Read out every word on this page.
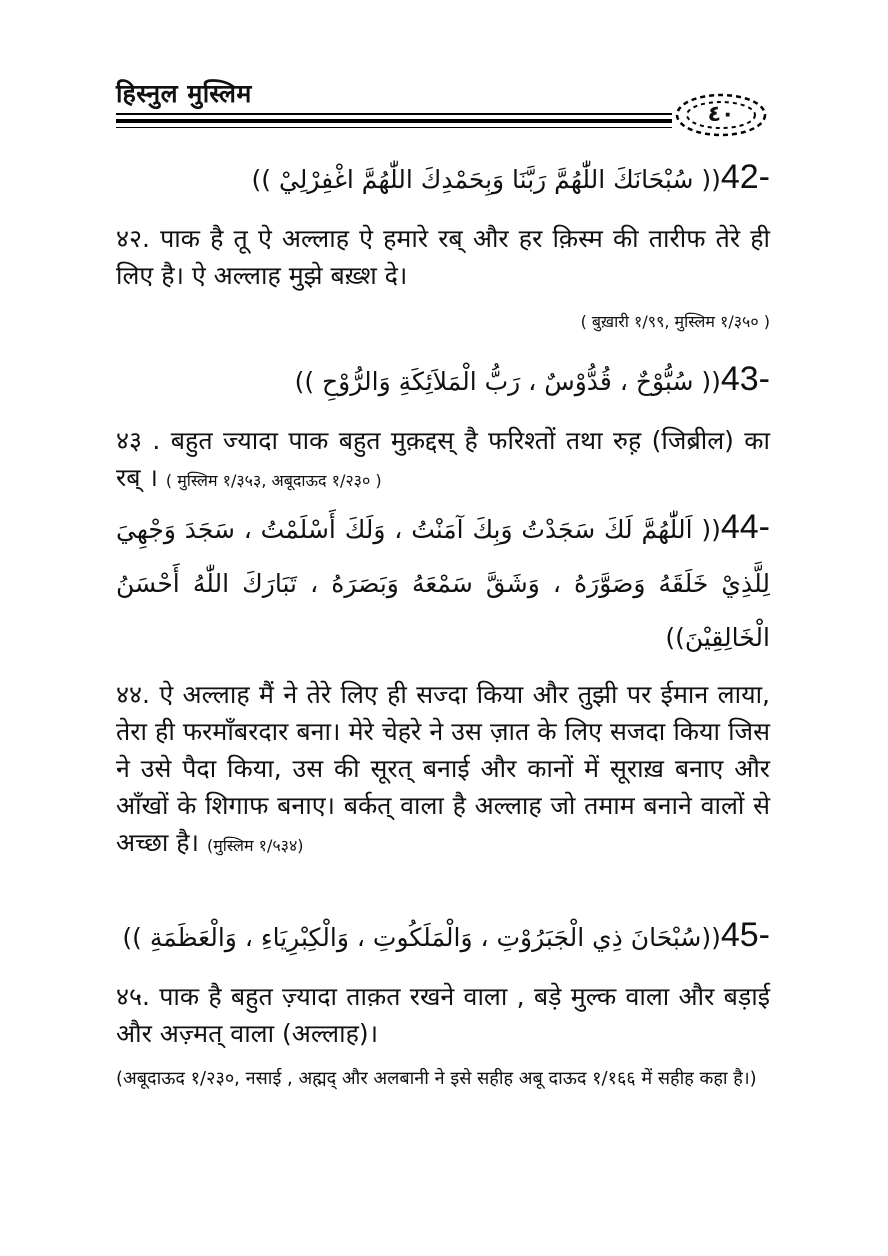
हिस्नुल मुस्लिम
٤٠
42-(( سُبْحَانَكَ اللّٰهُمَّ رَبَّنَا وَبِحَمْدِكَ اللّٰهُمَّ اغْفِرْلِيْ ))
४२. पाक है तू ऐ अल्लाह ऐ हमारे रब् और हर क़िस्म की तारीफ तेरे ही लिए है। ऐ अल्लाह मुझे बख़्श दे।
( बुख़ारी १/९९, मुस्लिम १/३५० )
43-(( سُبُّوْحٌ ، قُدُّوْسٌ ، رَبُّ الْمَلاَئِكَةِ وَالرُّوْحِ ))
४३ . बहुत ज्यादा पाक बहुत मुक़द्दस् है फरिश्तों तथा रुह़ (जिब्रील) का रब् । ( मुस्लिम १/३५३, अबूदाऊद १/२३० )
44-(( اَللّٰهُمَّ لَكَ سَجَدْتُ وَبِكَ آمَنْتُ ، وَلَكَ أَسْلَمْتُ ، سَجَدَ وَجْهِيَ لِلَّذِيْ خَلَقَهُ وَصَوَّرَهُ ، وَشَقَّ سَمْعَهُ وَبَصَرَهُ ، تَبَارَكَ اللّٰهُ أَحْسَنُ الْخَالِقِيْنَ))
४४. ऐ अल्लाह मैं ने तेरे लिए ही सज्दा किया और तुझी पर ईमान लाया, तेरा ही फरमाँबरदार बना। मेरे चेहरे ने उस ज़ात के लिए सजदा किया जिस ने उसे पैदा किया, उस की सूरत् बनाई और कानों में सूराख़ बनाए और आँखों के शिगाफ बनाए। बर्कत् वाला है अल्लाह जो तमाम बनाने वालों से अच्छा है। (मुस्लिम १/५३४)
45-((سُبْحَانَ ذِي الْجَبَرُوْتِ ، وَالْمَلَكُوتِ ، وَالْكِبْرِيَاءِ ، وَالْعَظَمَةِ ))
४५. पाक है बहुत ज़्यादा ताक़त रखने वाला , बड़े मुल्क वाला और बड़ाई और अज़्मत् वाला (अल्लाह)।
(अबूदाऊद १/२३०, नसाई , अह्मद् और अलबानी ने इसे सहीह अबू दाऊद १/१६६ में सहीह कहा है।)
